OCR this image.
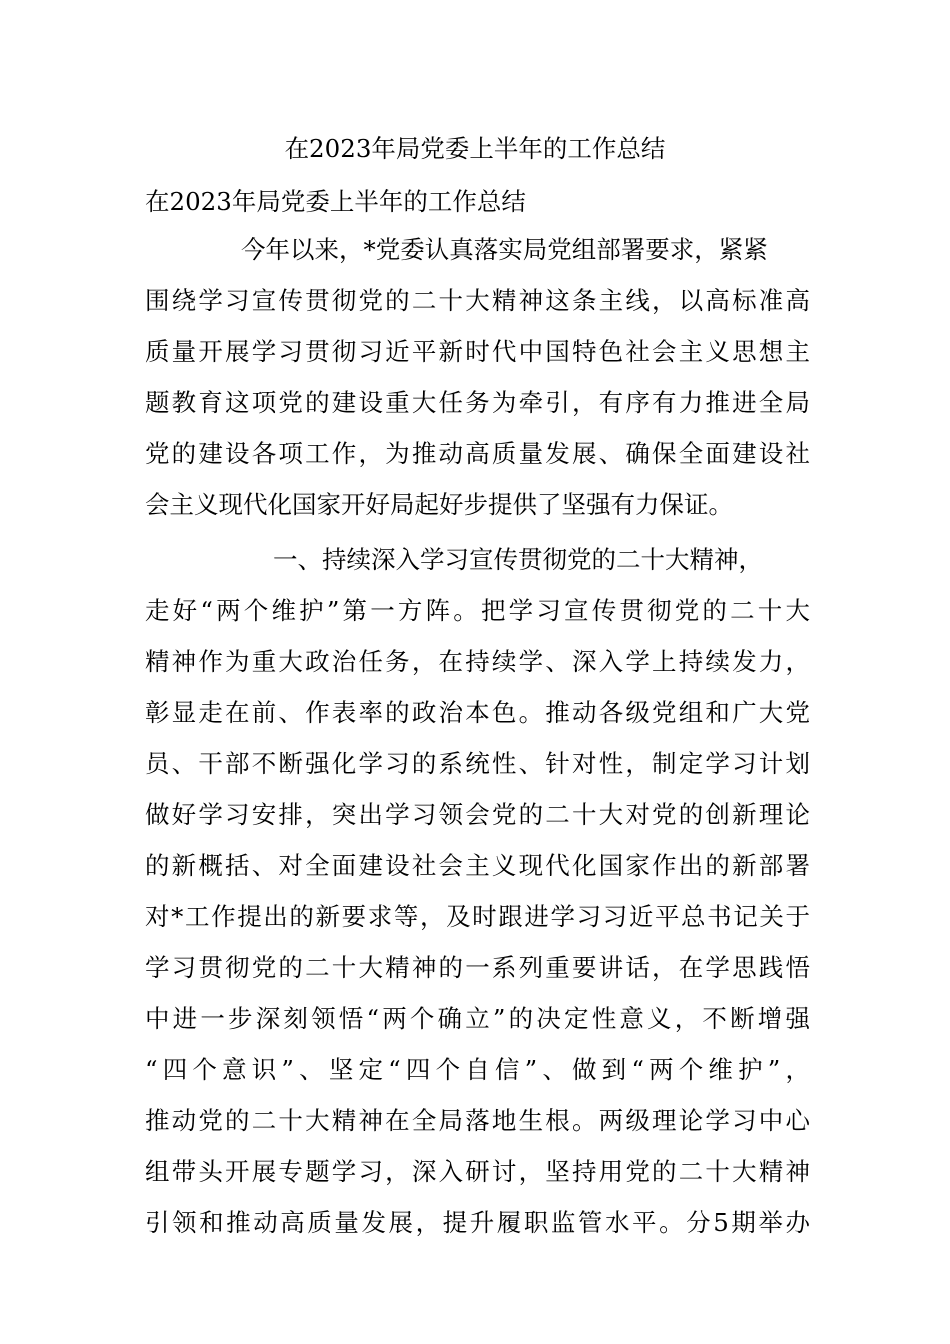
在2023年局党委上半年的工作总结
在2023年局党委上半年的工作总结
今年以来，*党委认真落实局党组部署要求，紧紧
围绕学习宣传贯彻党的二十大精神这条主线，以高标准高
质量开展学习贯彻习近平新时代中国特色社会主义思想主
题教育这项党的建设重大任务为牵引，有序有力推进全局
党的建设各项工作，为推动高质量发展、确保全面建设社
会主义现代化国家开好局起好步提供了坚强有力保证。
一、持续深入学习宣传贯彻党的二十大精神，
走好“两个维护”第一方阵。把学习宣传贯彻党的二十大
精神作为重大政治任务，在持续学、深入学上持续发力，
彰显走在前、作表率的政治本色。推动各级党组和广大党
员、干部不断强化学习的系统性、针对性，制定学习计划
做好学习安排，突出学习领会党的二十大对党的创新理论
的新概括、对全面建设社会主义现代化国家作出的新部署
对*工作提出的新要求等，及时跟进学习习近平总书记关于
学习贯彻党的二十大精神的一系列重要讲话，在学思践悟
中进一步深刻领悟“两个确立”的决定性意义，不断增强
“四个意识”、坚定“四个自信”、做到“两个维护”，
推动党的二十大精神在全局落地生根。两级理论学习中心
组带头开展专题学习，深入研讨，坚持用党的二十大精神
引领和推动高质量发展，提升履职监管水平。分5期举办
